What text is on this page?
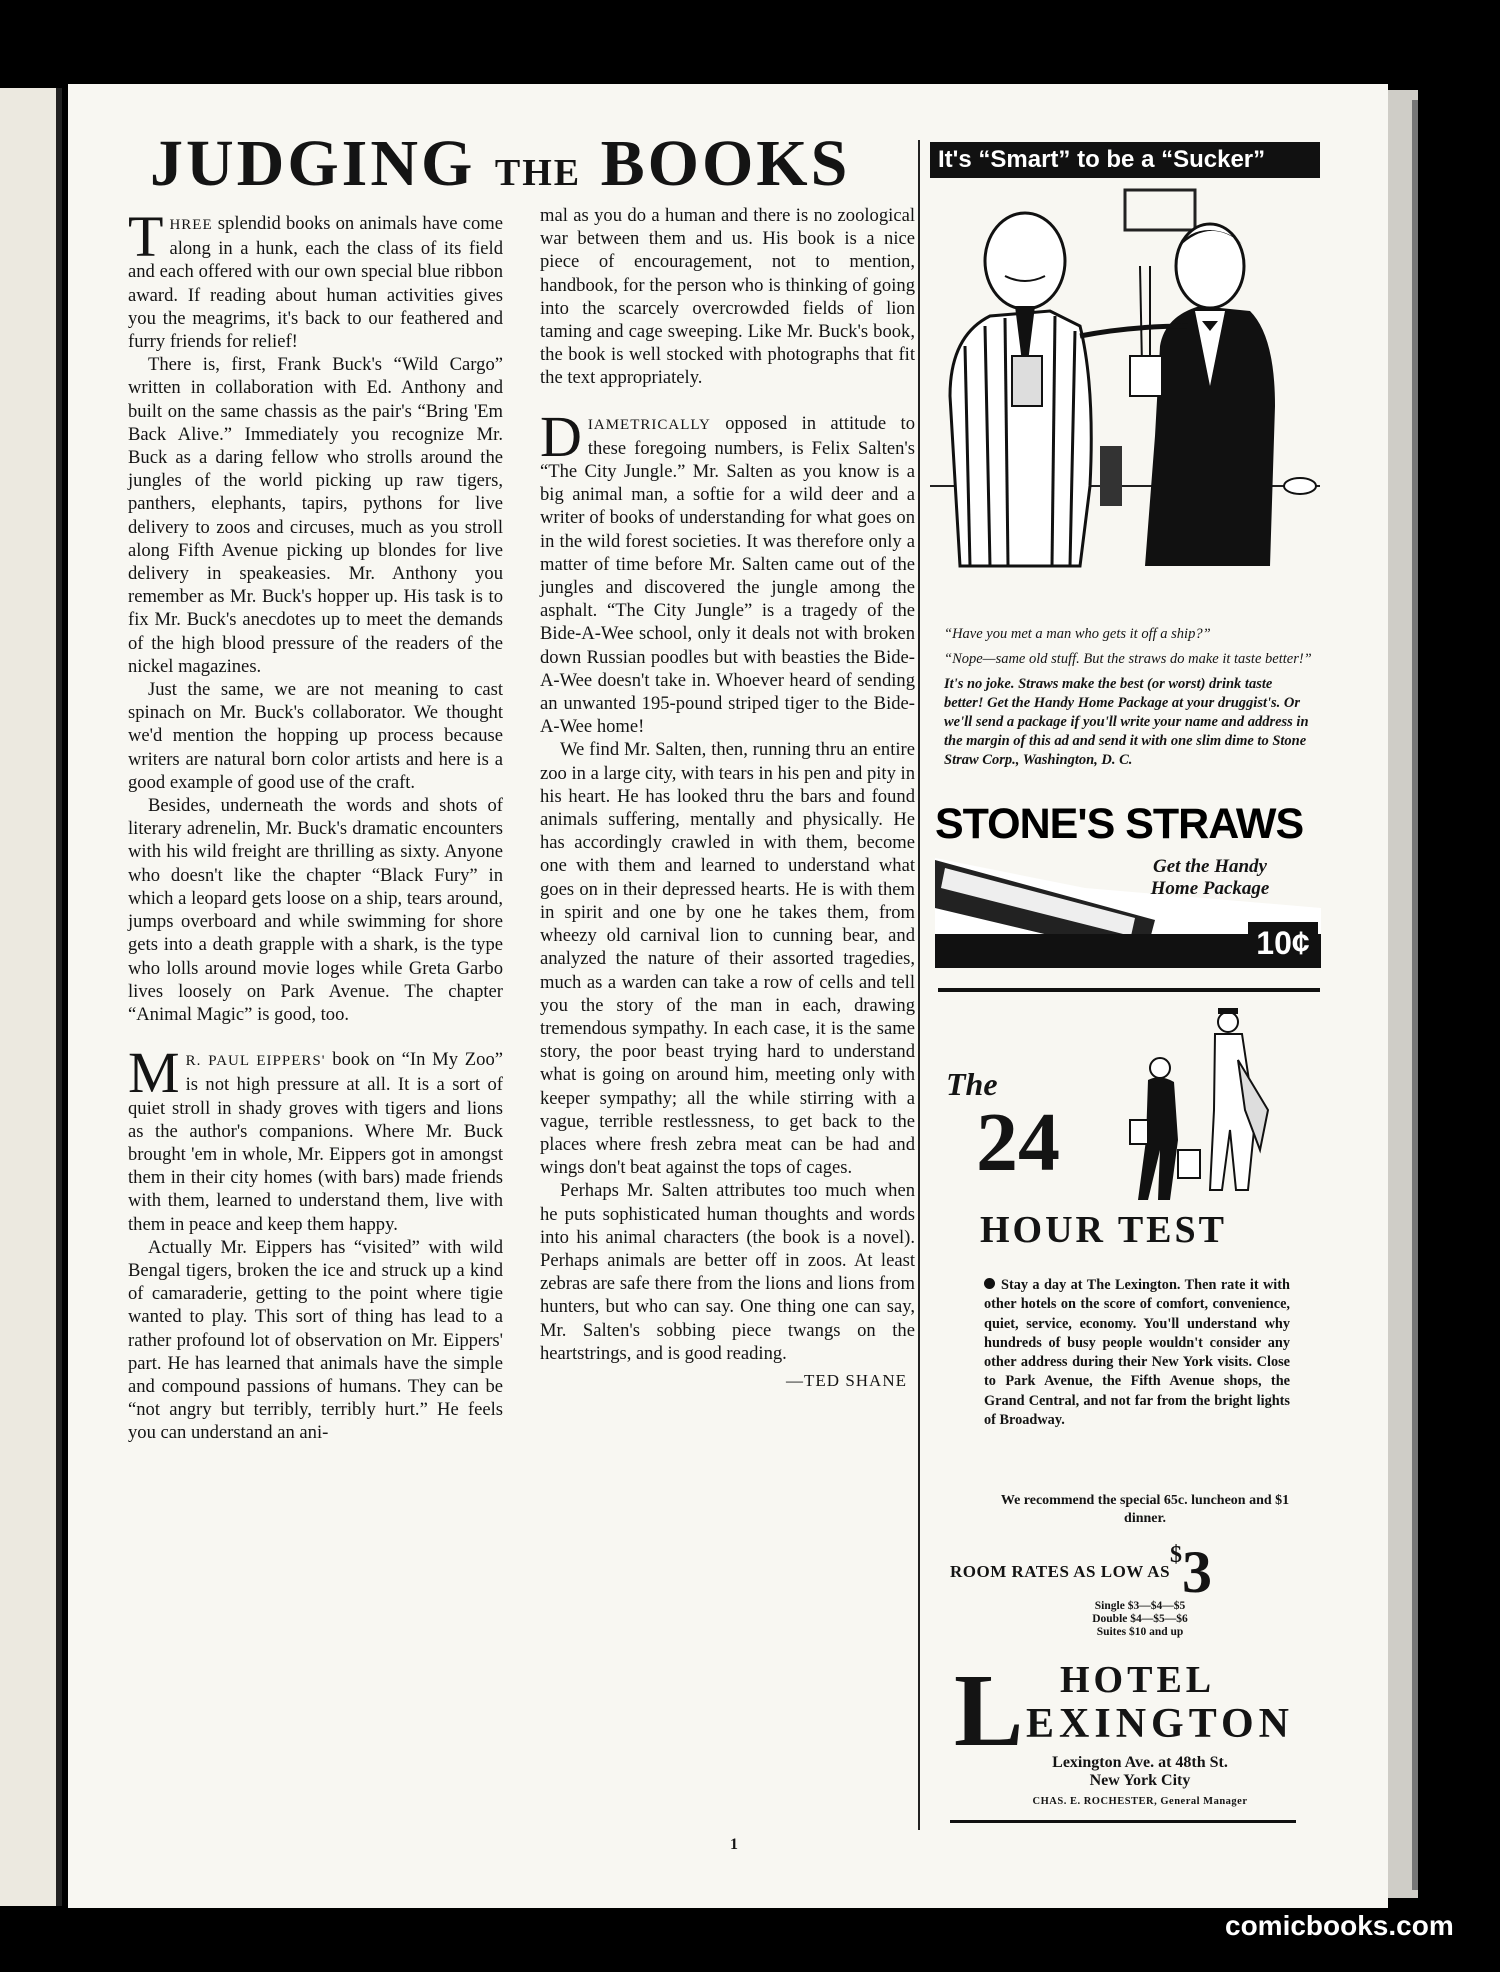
JUDGING THE BOOKS

THREE splendid books on animals have come along in a hunk, each the class of its field and each offered with our own special blue ribbon award. If reading about human activities gives you the meagrims, it's back to our feathered and furry friends for relief!

There is, first, Frank Buck's “Wild Cargo” written in collaboration with Ed. Anthony and built on the same chassis as the pair's “Bring 'Em Back Alive.” Immediately you recognize Mr. Buck as a daring fellow who strolls around the jungles of the world picking up raw tigers, panthers, elephants, tapirs, pythons for live delivery to zoos and circuses, much as you stroll along Fifth Avenue picking up blondes for live delivery in speakeasies. Mr. Anthony you remember as Mr. Buck's hopper up. His task is to fix Mr. Buck's anecdotes up to meet the demands of the high blood pressure of the readers of the nickel magazines.

Just the same, we are not meaning to cast spinach on Mr. Buck's collaborator. We thought we'd mention the hopping up process because writers are natural born color artists and here is a good example of good use of the craft.

Besides, underneath the words and shots of literary adrenelin, Mr. Buck's dramatic encounters with his wild freight are thrilling as sixty. Anyone who doesn't like the chapter “Black Fury” in which a leopard gets loose on a ship, tears around, jumps overboard and while swimming for shore gets into a death grapple with a shark, is the type who lolls around movie loges while Greta Garbo lives loosely on Park Avenue. The chapter “Animal Magic” is good, too.

M R. PAUL EIPPERS' book on “In My Zoo” is not high pressure at all. It is a sort of quiet stroll in shady groves with tigers and lions as the author's companions. Where Mr. Buck brought 'em in whole, Mr. Eippers got in amongst them in their city homes (with bars) made friends with them, learned to understand them, live with them in peace and keep them happy.

Actually Mr. Eippers has “visited” with wild Bengal tigers, broken the ice and struck up a kind of camaraderie, getting to the point where tigie wanted to play. This sort of thing has lead to a rather profound lot of observation on Mr. Eippers' part. He has learned that animals have the simple and compound passions of humans. They can be “not angry but terribly, terribly hurt.” He feels you can understand an ani-

mal as you do a human and there is no zoological war between them and us. His book is a nice piece of encouragement, not to mention, handbook, for the person who is thinking of going into the scarcely overcrowded fields of lion taming and cage sweeping. Like Mr. Buck's book, the book is well stocked with photographs that fit the text appropriately.

DIAMETRICALLY opposed in attitude to these foregoing numbers, is Felix Salten's “The City Jungle.” Mr. Salten as you know is a big animal man, a softie for a wild deer and a writer of books of understanding for what goes on in the wild forest societies. It was therefore only a matter of time before Mr. Salten came out of the jungles and discovered the jungle among the asphalt. “The City Jungle” is a tragedy of the Bide-A-Wee school, only it deals not with broken down Russian poodles but with beasties the Bide-A-Wee doesn't take in. Whoever heard of sending an unwanted 195-pound striped tiger to the Bide-A-Wee home!

We find Mr. Salten, then, running thru an entire zoo in a large city, with tears in his pen and pity in his heart. He has looked thru the bars and found animals suffering, mentally and physically. He has accordingly crawled in with them, become one with them and learned to understand what goes on in their depressed hearts. He is with them in spirit and one by one he takes them, from wheezy old carnival lion to cunning bear, and analyzed the nature of their assorted tragedies, much as a warden can take a row of cells and tell you the story of the man in each, drawing tremendous sympathy. In each case, it is the same story, the poor beast trying hard to understand what is going on around him, meeting only with keeper sympathy; all the while stirring with a vague, terrible restlessness, to get back to the places where fresh zebra meat can be had and wings don't beat against the tops of cages.

Perhaps Mr. Salten attributes too much when he puts sophisticated human thoughts and words into his animal characters (the book is a novel). Perhaps animals are better off in zoos. At least zebras are safe there from the lions and lions from hunters, but who can say. One thing one can say, Mr. Salten's sobbing piece twangs on the heartstrings, and is good reading.

—TED SHANE
1
It's “Smart” to be a “Sucker”

“Have you met a man who gets it off a ship?”

“Nope—same old stuff. But the straws do make it taste better!”

It's no joke. Straws make the best (or worst) drink taste better! Get the Handy Home Package at your druggist's. Or we'll send a package if you'll write your name and address in the margin of this ad and send it with one slim dime to Stone Straw Corp., Washington, D. C.

STONE'S STRAWS
Get the Handy
Home Package
10¢
The
24
HOUR TEST
Stay a day at The Lexington. Then rate it with other hotels on the score of comfort, convenience, quiet, service, economy. You'll understand why hundreds of busy people wouldn't consider any other address during their New York visits. Close to Park Avenue, the Fifth Avenue shops, the Grand Central, and not far from the bright lights of Broadway.
We recommend the special 65c. luncheon and $1 dinner.
ROOM RATES AS LOW AS$3
Single $3—$4—$5
Double $4—$5—$6
Suites $10 and up
HOTEL
L EXINGTON
Lexington Ave. at 48th St.
New York City
CHAS. E. ROCHESTER, General Manager
comicbooks.com
